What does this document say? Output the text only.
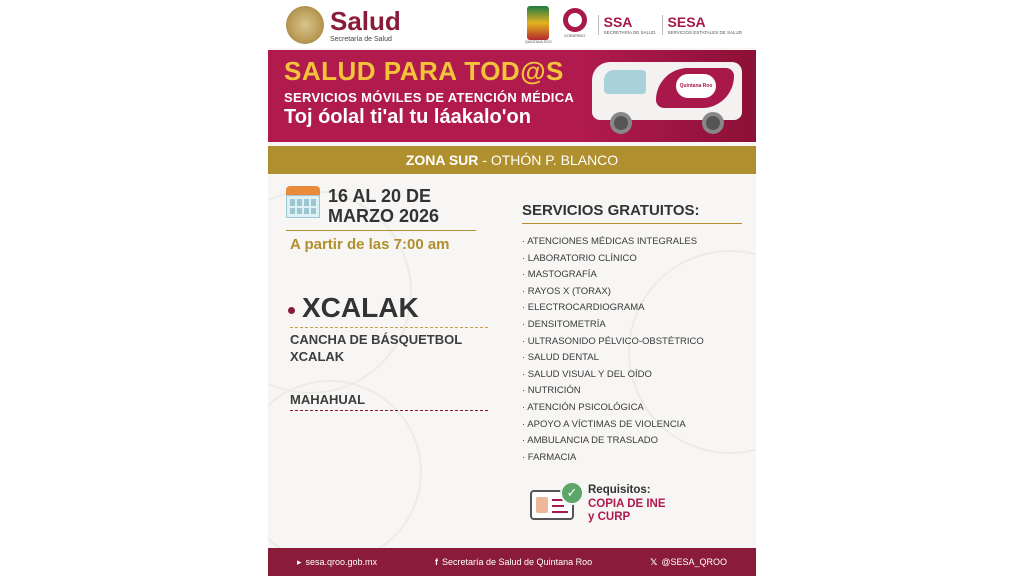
Salud
Secretaría de Salud	QUINTANA ROO
GOBIERNO
SSA
SECRETARÍA DE SALUD
SESA
SERVICIOS ESTATALES DE SALUD
SALUD PARA TOD@S
SERVICIOS MÓVILES DE ATENCIÓN MÉDICA
Toj óolal ti'al tu láakalo'on
Quintana Roo
ZONA SUR - OTHÓN P. BLANCO
16 AL 20 DE
MARZO 2026
A partir de las 7:00 am
XCALAK
CANCHA DE BÁSQUETBOL
XCALAK
MAHAHUAL
SERVICIOS GRATUITOS:
· ATENCIONES MÉDICAS INTEGRALES
· LABORATORIO CLÍNICO
· MASTOGRAFÍA
· RAYOS X (TORAX)
· ELECTROCARDIOGRAMA
· DENSITOMETRÍA
· ULTRASONIDO PÉLVICO-OBSTÉTRICO
· SALUD DENTAL
· SALUD VISUAL Y DEL OÍDO
· NUTRICIÓN
· ATENCIÓN PSICOLÓGICA
· APOYO A VÍCTIMAS DE VIOLENCIA
· AMBULANCIA DE TRASLADO
· FARMACIA
✓ Requisitos:
COPIA DE INE
y CURP
▸ sesa.qroo.gob.mx	f Secretaría de Salud de Quintana Roo	𝕏 @SESA_QROO
